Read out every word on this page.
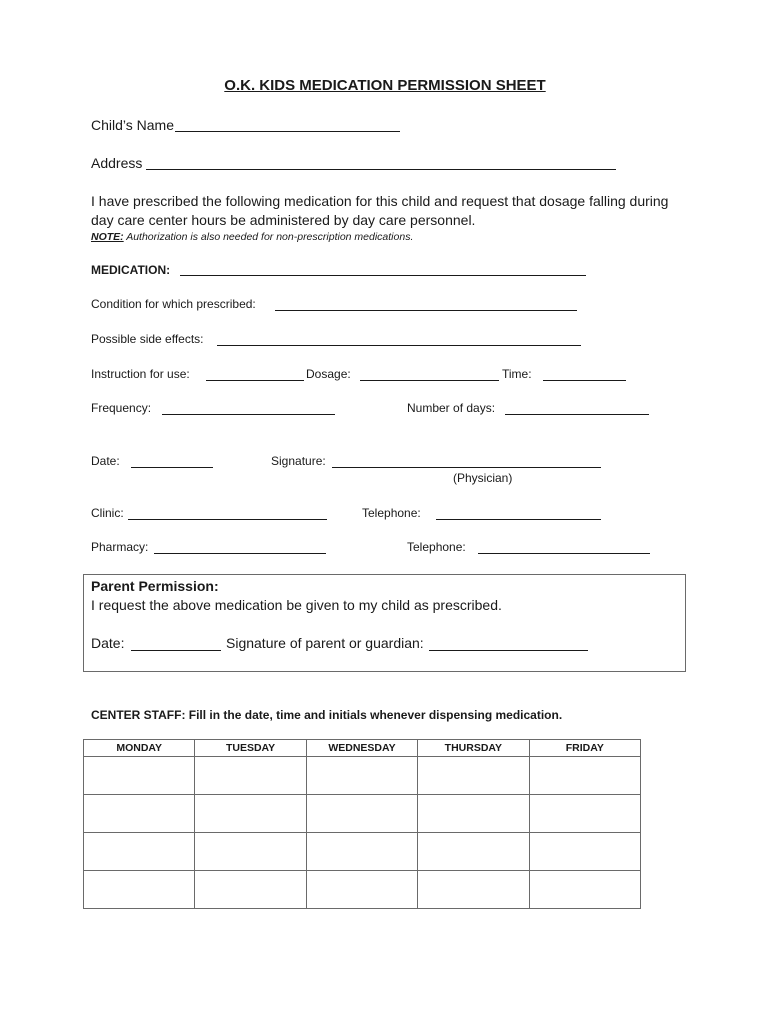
O.K. KIDS MEDICATION PERMISSION SHEET
Child’s Name
Address
I have prescribed the following medication for this child and request that dosage falling during
day care center hours be administered by day care personnel.
NOTE: Authorization is also needed for non-prescription medications.
MEDICATION:
Condition for which prescribed:
Possible side effects:
Instruction for use:	Dosage:	Time:
Frequency:	Number of days:
Date:	Signature:
(Physician)
Clinic:	Telephone:
Pharmacy:	Telephone:
Parent Permission:
I request the above medication be given to my child as prescribed.
Date:	Signature of parent or guardian:
CENTER STAFF: Fill in the date, time and initials whenever dispensing medication.
MONDAY	TUESDAY	WEDNESDAY	THURSDAY	FRIDAY
